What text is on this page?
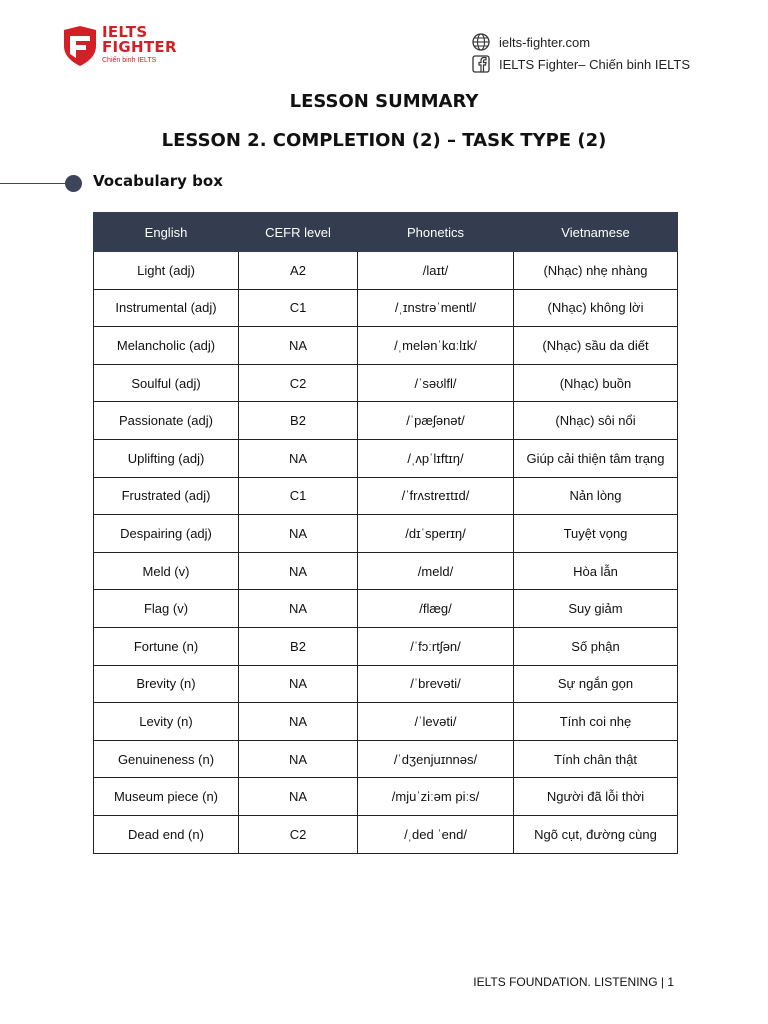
IELTS
FIGHTER
Chiến binh IELTS
ielts-fighter.com
IELTS Fighter– Chiến binh IELTS
LESSON SUMMARY
LESSON 2. COMPLETION (2) – TASK TYPE (2)
Vocabulary box
English	CEFR level	Phonetics	Vietnamese
Light (adj)	A2	/laɪt/	(Nhạc) nhẹ nhàng
Instrumental (adj)	C1	/ˌɪnstrəˈmentl/	(Nhạc) không lời
Melancholic (adj)	NA	/ˌmelənˈkɑːlɪk/	(Nhạc) sầu da diết
Soulful (adj)	C2	/ˈsəʊlfl/	(Nhạc) buồn
Passionate (adj)	B2	/ˈpæʃənət/	(Nhạc) sôi nổi
Uplifting (adj)	NA	/ˌʌpˈlɪftɪŋ/	Giúp cải thiện tâm trạng
Frustrated (adj)	C1	/ˈfrʌstreɪtɪd/	Nản lòng
Despairing (adj)	NA	/dɪˈsperɪŋ/	Tuyệt vọng
Meld (v)	NA	/meld/	Hòa lẫn
Flag (v)	NA	/flæɡ/	Suy giảm
Fortune (n)	B2	/ˈfɔːrtʃən/	Số phận
Brevity (n)	NA	/ˈbrevəti/	Sự ngắn gọn
Levity (n)	NA	/ˈlevəti/	Tính coi nhẹ
Genuineness (n)	NA	/ˈdʒenjuɪnnəs/	Tính chân thật
Museum piece (n)	NA	/mjuˈziːəm piːs/	Người đã lỗi thời
Dead end (n)	C2	/ˌded ˈend/	Ngõ cụt, đường cùng
IELTS FOUNDATION. LISTENING | 1
